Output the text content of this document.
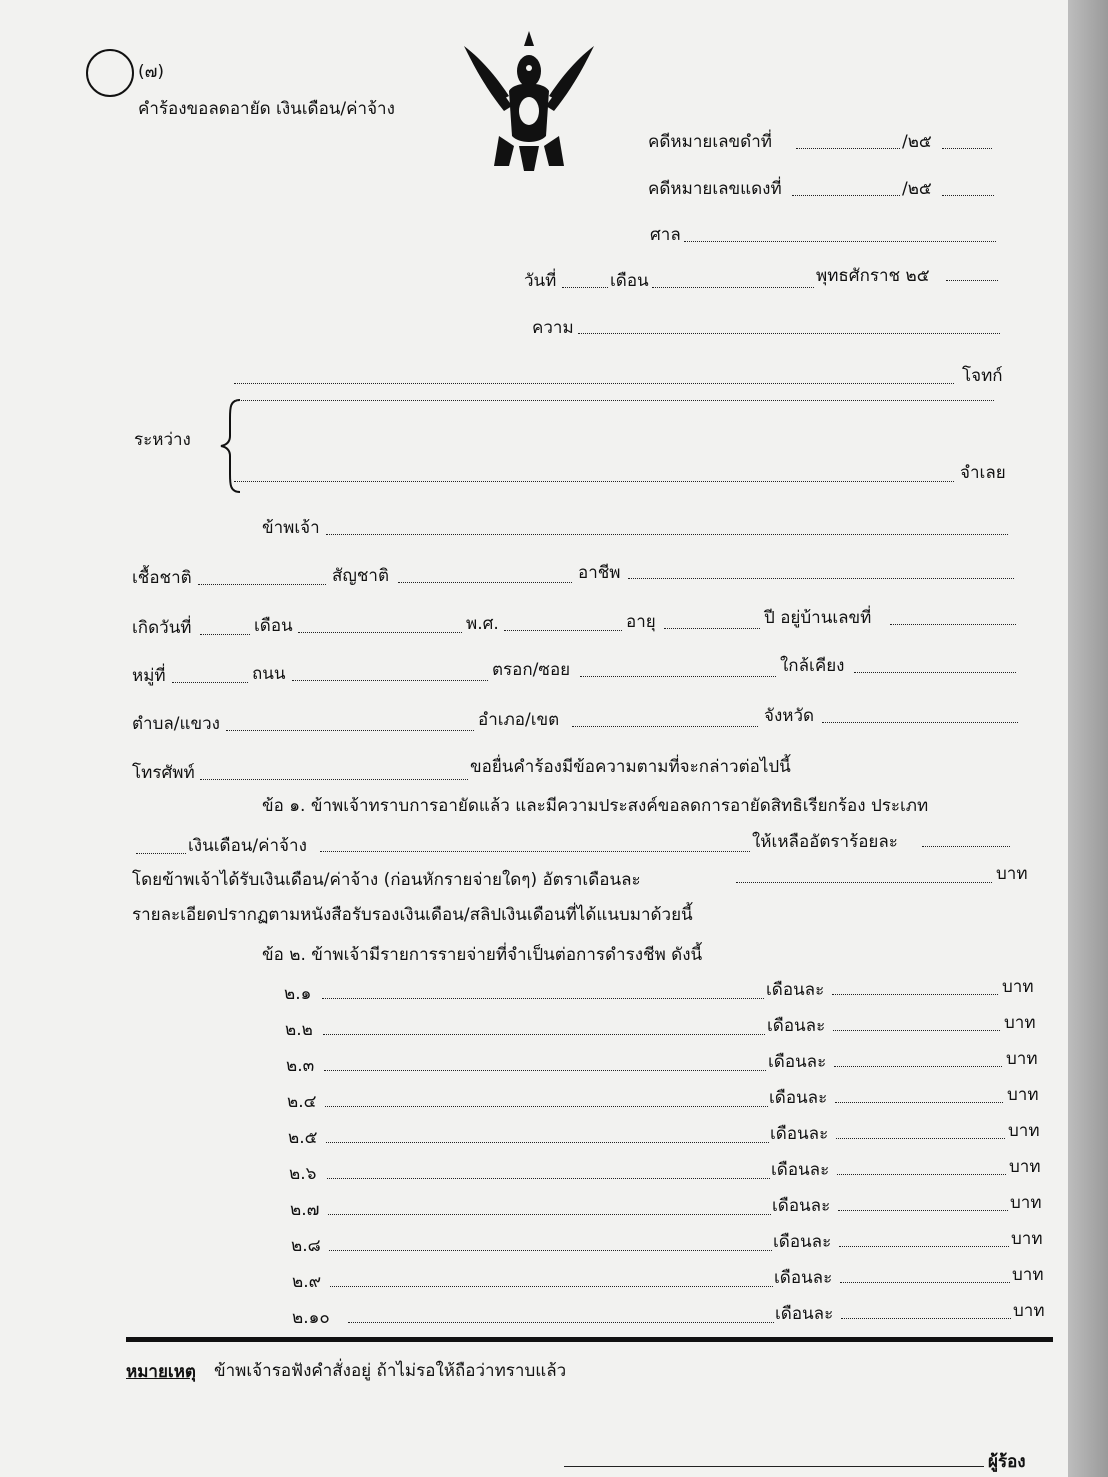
(๗)
คำร้องขอลดอายัด เงินเดือน/ค่าจ้าง
คดีหมายเลขดำที่	/๒๕
คดีหมายเลขแดงที่	/๒๕
ศาล
วันที่	เดือน	พุทธศักราช ๒๕
ความ
โจทก์
ระหว่าง
จำเลย
ข้าพเจ้า
เชื้อชาติ	สัญชาติ	อาชีพ
เกิดวันที่	เดือน	พ.ศ.	อายุ	ปี อยู่บ้านเลขที่
หมู่ที่	ถนน	ตรอก/ซอย	ใกล้เคียง
ตำบล/แขวง	อำเภอ/เขต	จังหวัด
โทรศัพท์	ขอยื่นคำร้องมีข้อความตามที่จะกล่าวต่อไปนี้
ข้อ ๑. ข้าพเจ้าทราบการอายัดแล้ว และมีความประสงค์ขอลดการอายัดสิทธิเรียกร้อง ประเภท
เงินเดือน/ค่าจ้าง	ให้เหลืออัตราร้อยละ
โดยข้าพเจ้าได้รับเงินเดือน/ค่าจ้าง (ก่อนหักรายจ่ายใดๆ) อัตราเดือนละ	บาท
รายละเอียดปรากฏตามหนังสือรับรองเงินเดือน/สลิปเงินเดือนที่ได้แนบมาด้วยนี้
ข้อ ๒. ข้าพเจ้ามีรายการรายจ่ายที่จำเป็นต่อการดำรงชีพ ดังนี้
๒.๑	เดือนละ	บาท
๒.๒	เดือนละ	บาท
๒.๓	เดือนละ	บาท
๒.๔	เดือนละ	บาท
๒.๕	เดือนละ	บาท
๒.๖	เดือนละ	บาท
๒.๗	เดือนละ	บาท
๒.๘	เดือนละ	บาท
๒.๙	เดือนละ	บาท
๒.๑๐	เดือนละ	บาท
หมายเหตุ ข้าพเจ้ารอฟังคำสั่งอยู่ ถ้าไม่รอให้ถือว่าทราบแล้ว
ผู้ร้อง
